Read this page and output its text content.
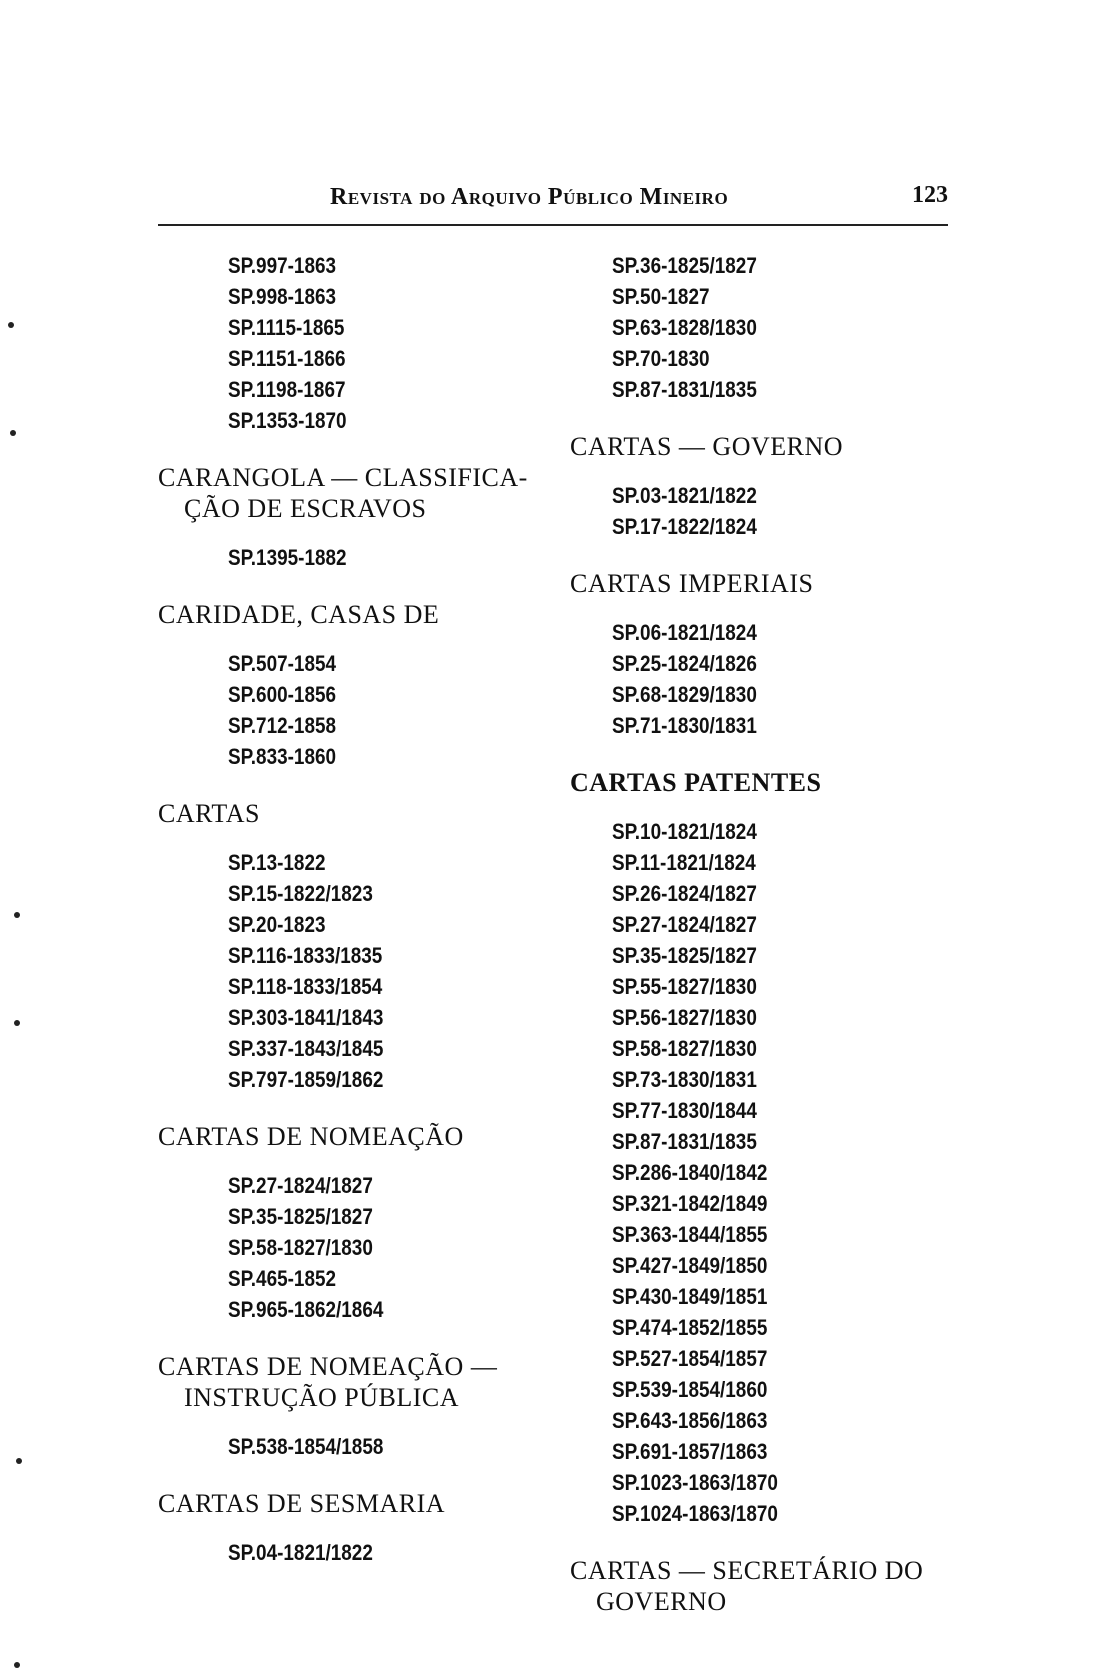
Revista do Arquivo Público Mineiro	123
SP.997-1863
SP.998-1863
SP.1115-1865
SP.1151-1866
SP.1198-1867
SP.1353-1870
CARANGOLA — CLASSIFICA-
ÇÃO DE ESCRAVOS
SP.1395-1882
CARIDADE, CASAS DE
SP.507-1854
SP.600-1856
SP.712-1858
SP.833-1860
CARTAS
SP.13-1822
SP.15-1822/1823
SP.20-1823
SP.116-1833/1835
SP.118-1833/1854
SP.303-1841/1843
SP.337-1843/1845
SP.797-1859/1862
CARTAS DE NOMEAÇÃO
SP.27-1824/1827
SP.35-1825/1827
SP.58-1827/1830
SP.465-1852
SP.965-1862/1864
CARTAS DE NOMEAÇÃO —
INSTRUÇÃO PÚBLICA
SP.538-1854/1858
CARTAS DE SESMARIA
SP.04-1821/1822
SP.36-1825/1827
SP.50-1827
SP.63-1828/1830
SP.70-1830
SP.87-1831/1835
CARTAS — GOVERNO
SP.03-1821/1822
SP.17-1822/1824
CARTAS IMPERIAIS
SP.06-1821/1824
SP.25-1824/1826
SP.68-1829/1830
SP.71-1830/1831
CARTAS PATENTES
SP.10-1821/1824
SP.11-1821/1824
SP.26-1824/1827
SP.27-1824/1827
SP.35-1825/1827
SP.55-1827/1830
SP.56-1827/1830
SP.58-1827/1830
SP.73-1830/1831
SP.77-1830/1844
SP.87-1831/1835
SP.286-1840/1842
SP.321-1842/1849
SP.363-1844/1855
SP.427-1849/1850
SP.430-1849/1851
SP.474-1852/1855
SP.527-1854/1857
SP.539-1854/1860
SP.643-1856/1863
SP.691-1857/1863
SP.1023-1863/1870
SP.1024-1863/1870
CARTAS — SECRETÁRIO DO
GOVERNO
